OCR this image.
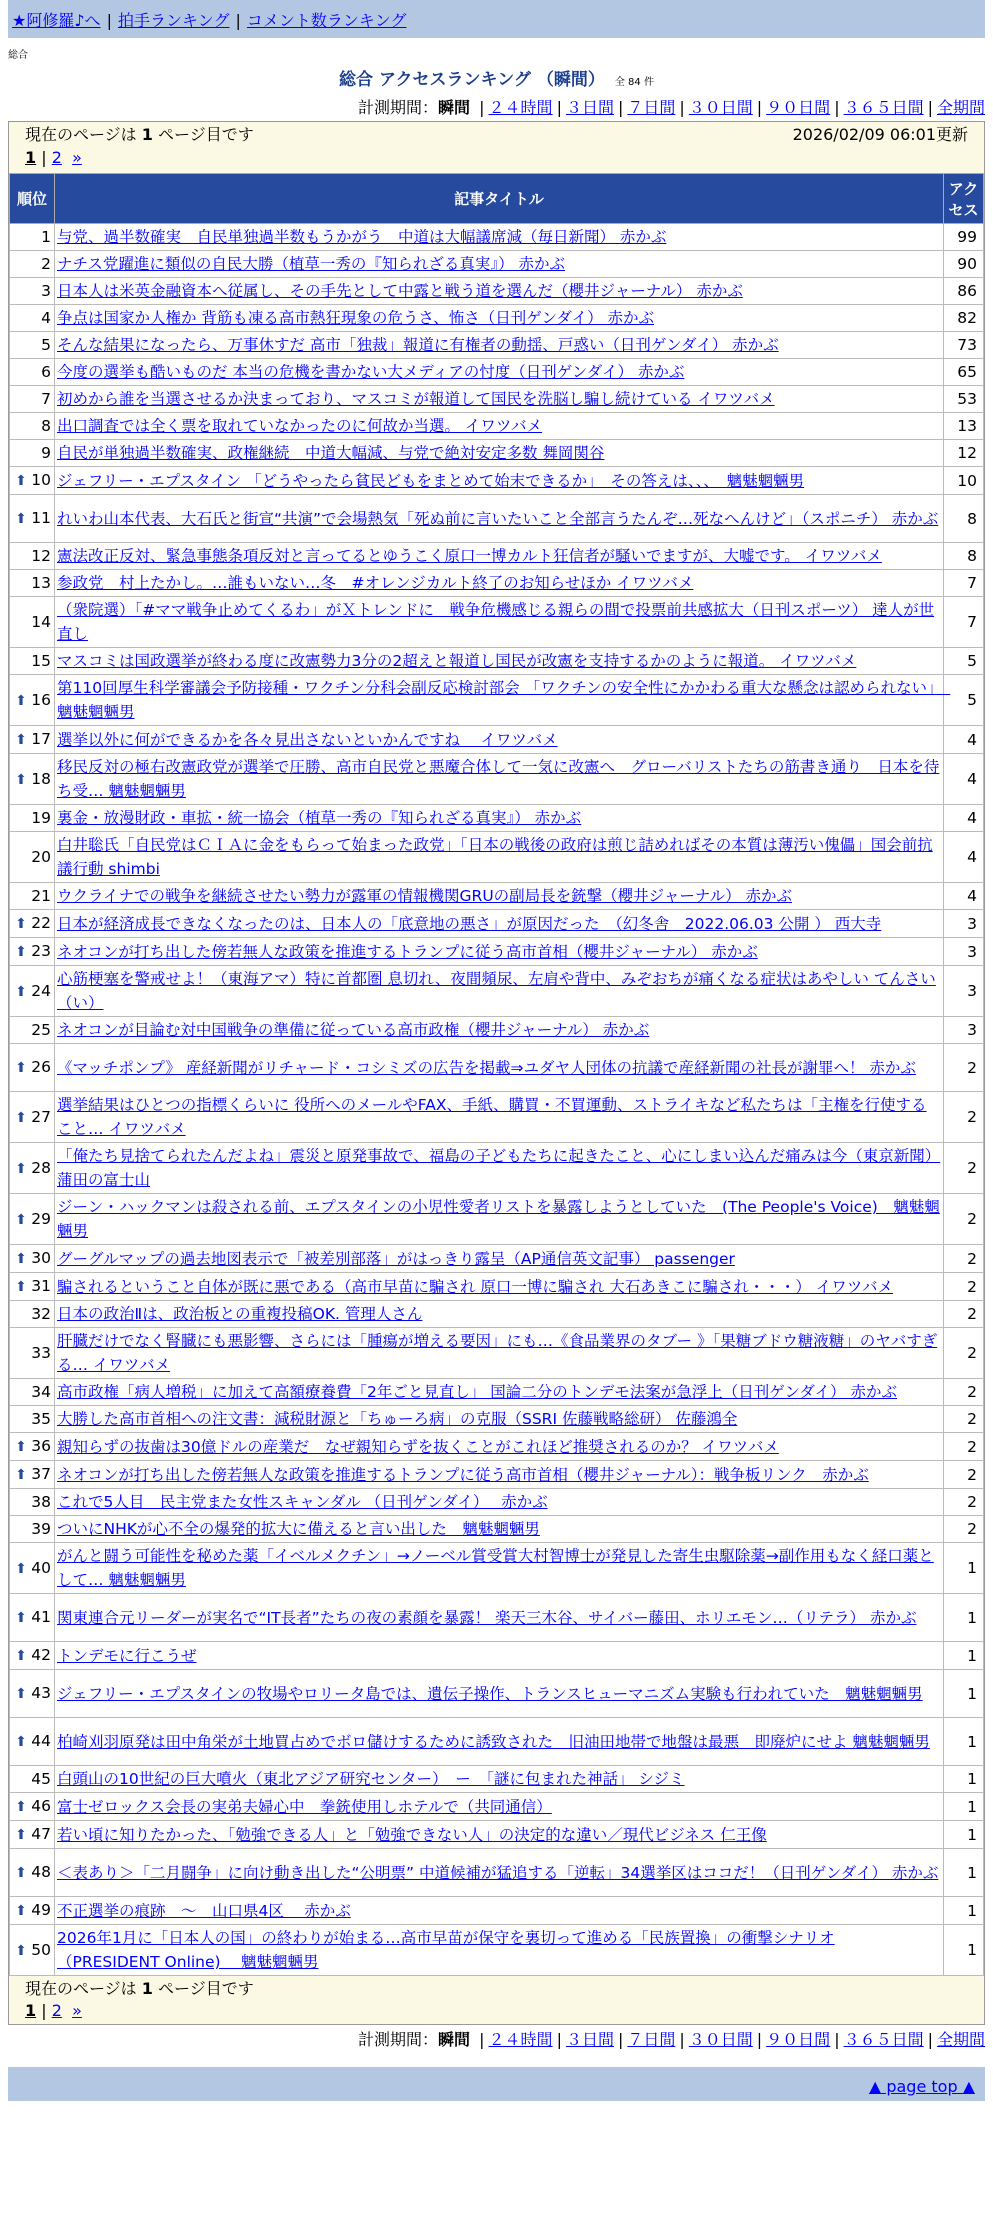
★阿修羅♪へ | 拍手ランキング | コメント数ランキング
総合
総合 アクセスランキング （瞬間） 全 84 件
計測期間：瞬間 | ２４時間 | ３日間 | ７日間 | ３０日間 | ９０日間 | ３６５日間 | 全期間
現在のページは 1 ページ目です	2026/02/09 06:01更新
1 | 2 »
順位	記事タイトル	アクセス
1	与党、過半数確実　自民単独過半数もうかがう　中道は大幅議席減（毎日新聞） 赤かぶ	99
2	ナチス党躍進に類似の自民大勝（植草一秀の『知られざる真実』） 赤かぶ	90
3	日本人は米英金融資本へ従属し、その手先として中露と戦う道を選んだ（櫻井ジャーナル） 赤かぶ	86
4	争点は国家か人権か 背筋も凍る高市熱狂現象の危うさ、怖さ（日刊ゲンダイ） 赤かぶ	82
5	そんな結果になったら、万事休すだ 高市「独裁」報道に有権者の動揺、戸惑い（日刊ゲンダイ） 赤かぶ	73
6	今度の選挙も酷いものだ 本当の危機を書かない大メディアの忖度（日刊ゲンダイ） 赤かぶ	65
7	初めから誰を当選させるか決まっており、マスコミが報道して国民を洗脳し騙し続けている イワツバメ	53
8	出口調査では全く票を取れていなかったのに何故か当選。 イワツバメ	13
9	自民が単独過半数確実、政権継続　中道大幅減、与党で絶対安定多数 舞岡関谷	12
⬆ 10	ジェフリー・エプスタイン 「どうやったら貧民どもをまとめて始末できるか」　その答えは、、、　魑魅魍魎男	10
⬆ 11	れいわ山本代表、大石氏と街宣“共演”で会場熱気「死ぬ前に言いたいこと全部言うたんぞ…死なへんけど」（スポニチ） 赤かぶ	8
12	憲法改正反対、緊急事態条項反対と言ってるとゆうこく原口一博カルト狂信者が騒いでますが、大嘘です。 イワツバメ	8
13	参政党　村上たかし。…誰もいない…冬　#オレンジカルト終了のお知らせほか イワツバメ	7
14	（衆院選）「#ママ戦争止めてくるわ」がＸトレンドに　戦争危機感じる親らの間で投票前共感拡大（日刊スポーツ） 達人が世直し	7
15	マスコミは国政選挙が終わる度に改憲勢力3分の2超えと報道し国民が改憲を支持するかのように報道。 イワツバメ	5
⬆ 16	第110回厚生科学審議会予防接種・ワクチン分科会副反応検討部会 「ワクチンの安全性にかかわる重大な懸念は認められない」　魑魅魍魎男	5
⬆ 17	選挙以外に何ができるかを各々見出さないといかんですね　 イワツバメ	4
⬆ 18	移民反対の極右改憲政党が選挙で圧勝、高市自民党と悪魔合体して一気に改憲へ　グローバリストたちの筋書き通り　日本を待ち受… 魑魅魍魎男	4
19	裏金・放漫財政・車拡・統一協会（植草一秀の『知られざる真実』） 赤かぶ	4
20	白井聡氏「自民党はＣＩＡに金をもらって始まった政党」「日本の戦後の政府は煎じ詰めればその本質は薄汚い傀儡」国会前抗議行動 shimbi	4
21	ウクライナでの戦争を継続させたい勢力が露軍の情報機関GRUの副局長を銃撃（櫻井ジャーナル） 赤かぶ	4
⬆ 22	日本が経済成長できなくなったのは、日本人の「底意地の悪さ」が原因だった　（幻冬舎　2022.06.03 公開 ） 西大寺	3
⬆ 23	ネオコンが打ち出した傍若無人な政策を推進するトランプに従う高市首相（櫻井ジャーナル） 赤かぶ	3
⬆ 24	心筋梗塞を警戒せよ！（東海アマ）特に首都圏 息切れ、夜間頻尿、左肩や背中、みぞおちが痛くなる症状はあやしい てんさい（い）	3
25	ネオコンが目論む対中国戦争の準備に従っている高市政権（櫻井ジャーナル） 赤かぶ	3
⬆ 26	《マッチポンプ》 産経新聞がリチャード・コシミズの広告を掲載⇒ユダヤ人団体の抗議で産経新聞の社長が謝罪へ！ 赤かぶ	2
⬆ 27	選挙結果はひとつの指標くらいに 役所へのメールやFAX、手紙、購買・不買運動、ストライキなど私たちは「主権を行使すること… イワツバメ	2
⬆ 28	「俺たち見捨てられたんだよね」震災と原発事故で、福島の子どもたちに起きたこと、心にしまい込んだ痛みは今（東京新聞） 蒲田の富士山	2
⬆ 29	ジーン・ハックマンは殺される前、エプスタインの小児性愛者リストを暴露しようとしていた　(The People's Voice)　魑魅魍魎男	2
⬆ 30	グーグルマップの過去地図表示で「被差別部落」がはっきり露呈（AP通信英文記事） passenger	2
⬆ 31	騙されるということ自体が既に悪である（高市早苗に騙され 原口一博に騙され 大石あきこに騙され・・・） イワツバメ	2
32	日本の政治Ⅱは、政治板との重複投稿OK. 管理人さん	2
33	肝臓だけでなく腎臓にも悪影響、さらには「腫瘍が増える要因」にも…《食品業界のタブー 》「果糖ブドウ糖液糖」のヤバすぎる… イワツバメ	2
34	高市政権「病人増税」に加えて高額療養費「2年ごと見直し」 国論二分のトンデモ法案が急浮上（日刊ゲンダイ） 赤かぶ	2
35	大勝した高市首相への注文書：減税財源と「ちゅーろ病」の克服（SSRI 佐藤戦略総研） 佐藤鴻全	2
⬆ 36	親知らずの抜歯は30億ドルの産業だ　なぜ親知らずを抜くことがこれほど推奨されるのか？ イワツバメ	2
⬆ 37	ネオコンが打ち出した傍若無人な政策を推進するトランプに従う高市首相（櫻井ジャーナル）：戦争板リンク　赤かぶ	2
38	これで5人目　民主党また女性スキャンダル （日刊ゲンダイ）　 赤かぶ	2
39	ついにNHKが心不全の爆発的拡大に備えると言い出した　魑魅魍魎男	2
⬆ 40	がんと闘う可能性を秘めた薬「イベルメクチン」→ノーベル賞受賞大村智博士が発見した寄生虫駆除薬→副作用もなく経口薬として… 魑魅魍魎男	1
⬆ 41	関東連合元リーダーが実名で“IT長者”たちの夜の素顔を暴露！ 楽天三木谷、サイバー藤田、ホリエモン…（リテラ） 赤かぶ	1
⬆ 42	トンデモに行こうぜ	1
⬆ 43	ジェフリー・エプスタインの牧場やロリータ島では、遺伝子操作、トランスヒューマニズム実験も行われていた　魑魅魍魎男	1
⬆ 44	柏崎刈羽原発は田中角栄が土地買占めでボロ儲けするために誘致された　旧油田地帯で地盤は最悪　即廃炉にせよ 魑魅魍魎男	1
45	白頭山の10世紀の巨大噴火（東北アジア研究センター）　ー　「謎に包まれた神話」 シジミ	1
⬆ 46	富士ゼロックス会長の実弟夫婦心中　拳銃使用しホテルで（共同通信）	1
⬆ 47	若い頃に知りたかった、「勉強できる人」と「勉強できない人」の決定的な違い／現代ビジネス 仁王像	1
⬆ 48	＜表あり＞「二月闘争」に向け動き出した“公明票” 中道候補が猛追する「逆転」34選挙区はココだ！（日刊ゲンダイ） 赤かぶ	1
⬆ 49	不正選挙の痕跡　～　山口県4区　 赤かぶ	1
⬆ 50	2026年1月に「日本人の国」の終わりが始まる…高市早苗が保守を裏切って進める「民族置換」の衝撃シナリオ （PRESIDENT Online)　 魑魅魍魎男	1
現在のページは 1 ページ目です
1 | 2 »
計測期間：瞬間 | ２４時間 | ３日間 | ７日間 | ３０日間 | ９０日間 | ３６５日間 | 全期間
▲ page top ▲
